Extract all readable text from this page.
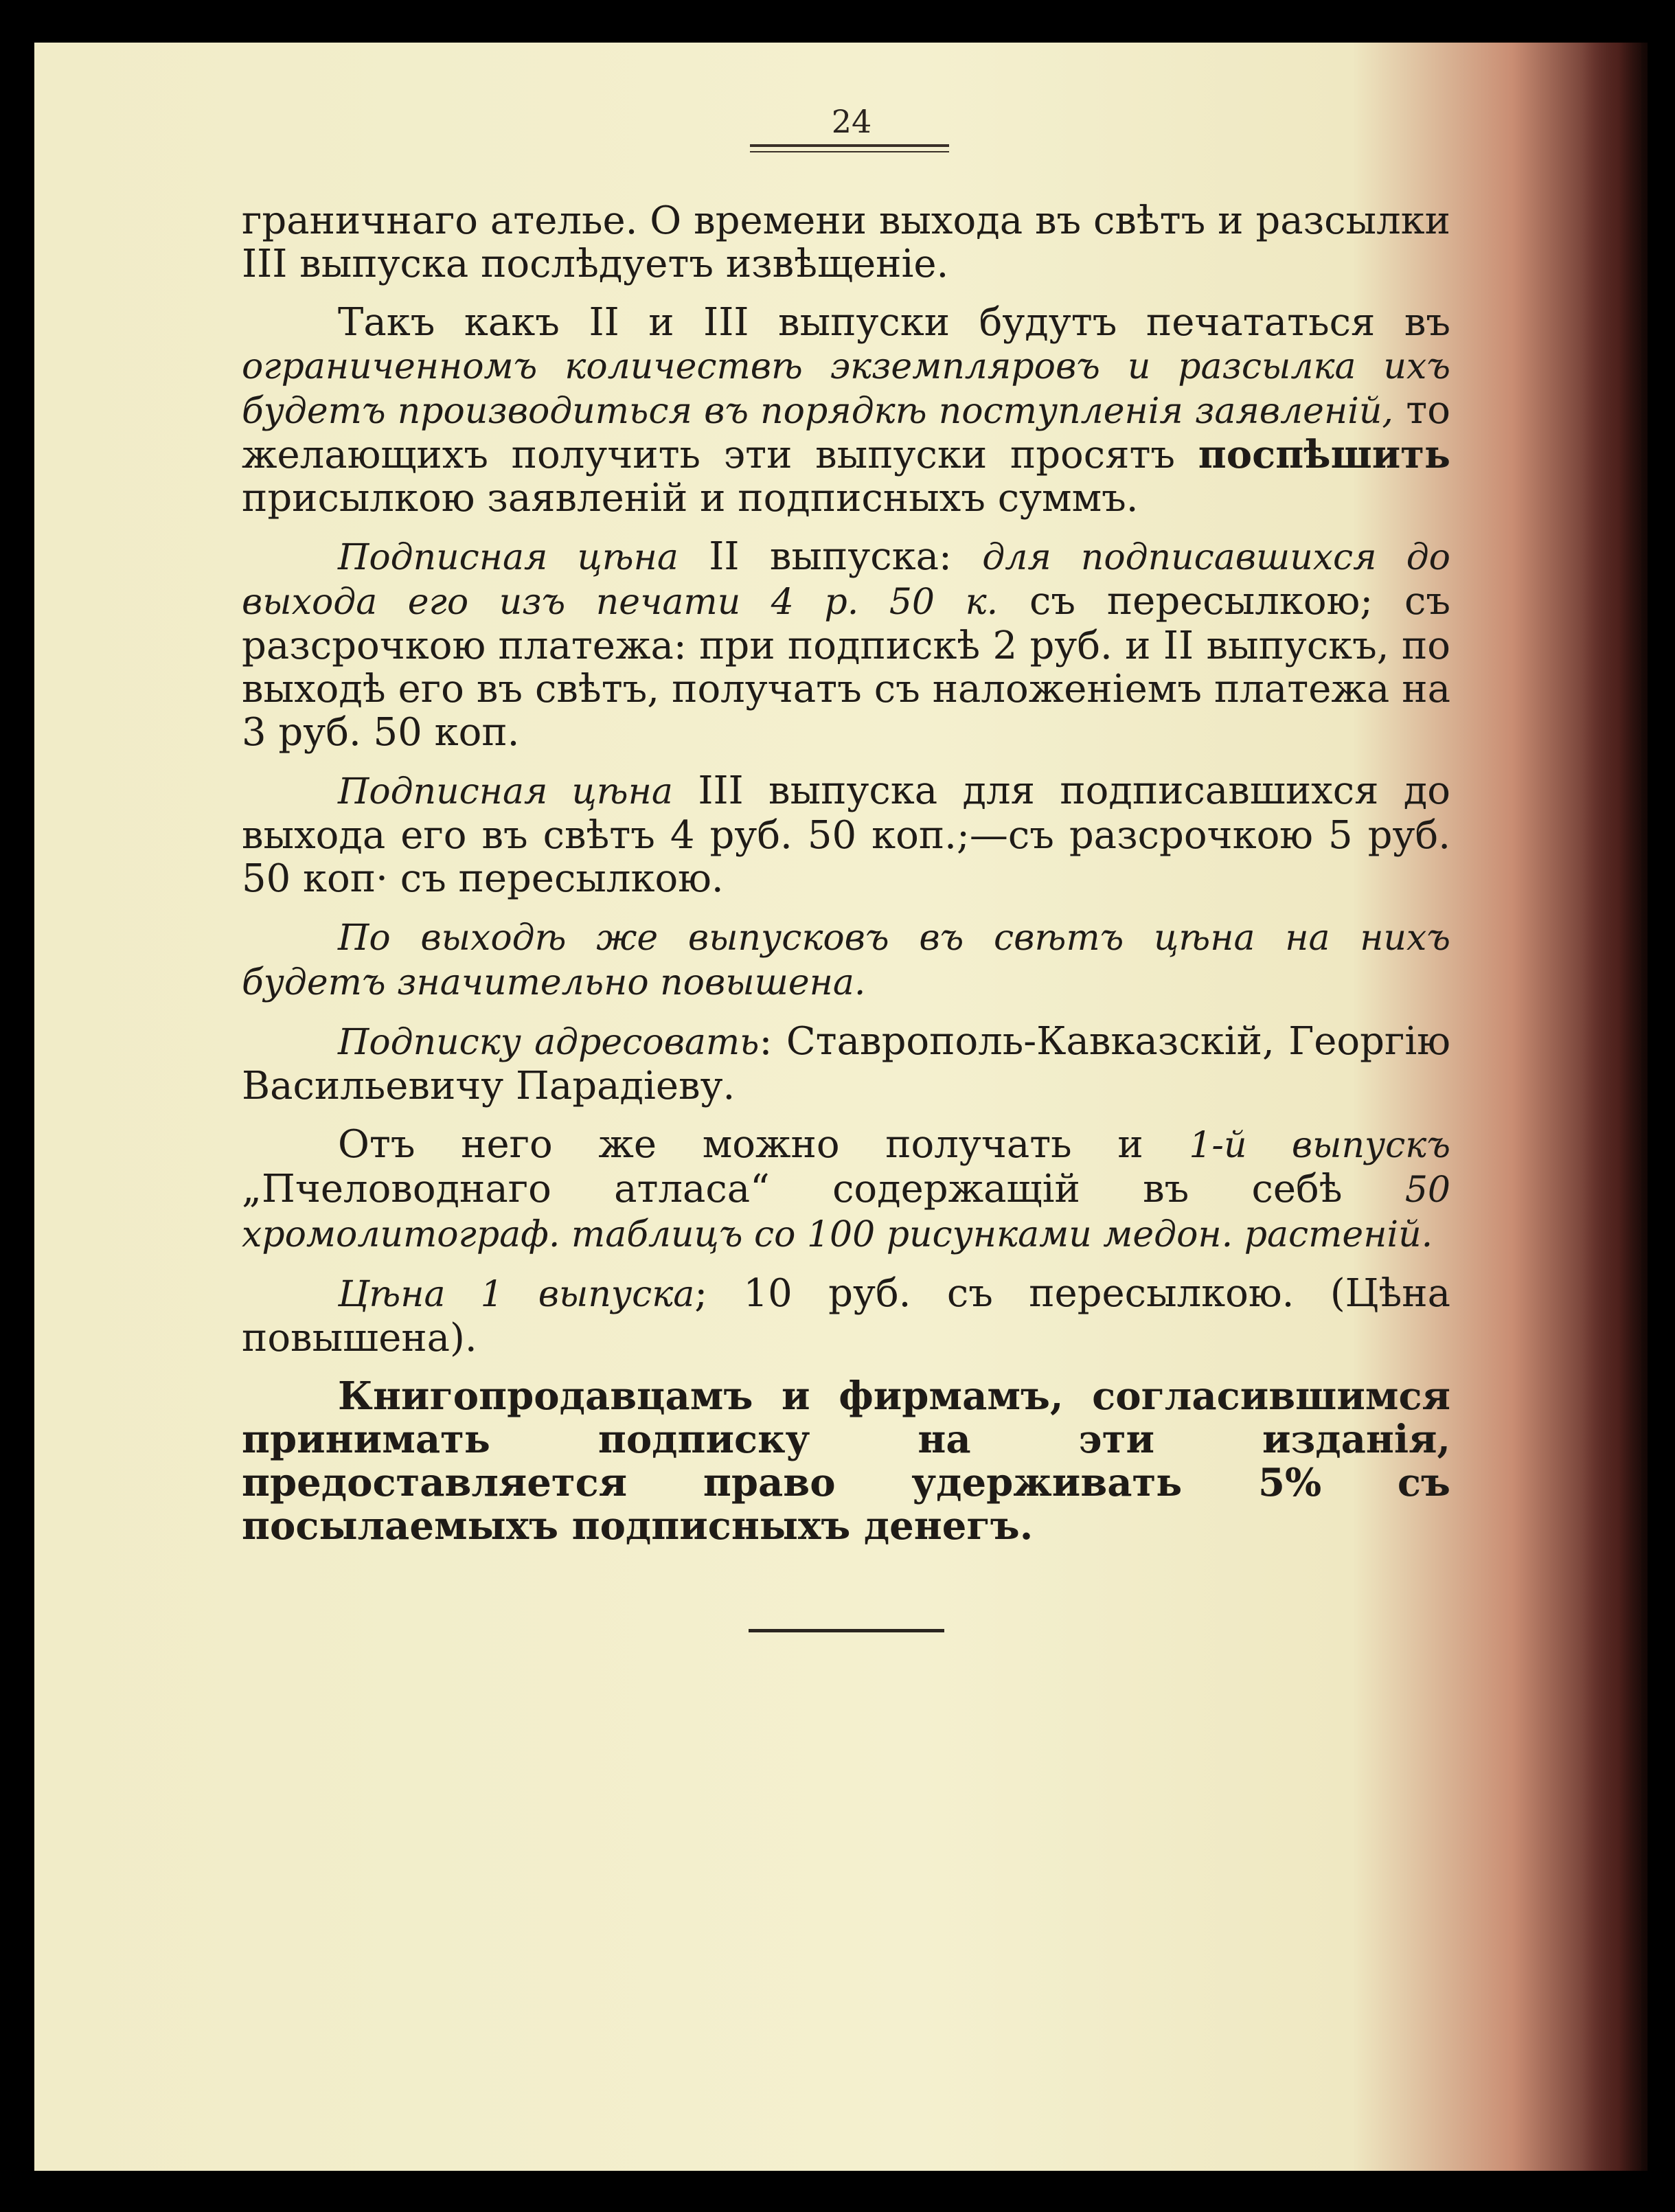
24

граничнаго ателье. О времени выхода въ свѣтъ и разсылки III выпуска послѣдуетъ извѣщеніе.

Такъ какъ II и III выпуски будутъ печататься въ ограниченномъ количествѣ экземпляровъ и разсылка ихъ будетъ производиться въ порядкѣ поступленія заявленій, то желающихъ получить эти выпуски просятъ поспѣшить присылкою заявленій и подписныхъ суммъ.

Подписная цѣна II выпуска: для подписавшихся до выхода его изъ печати 4 р. 50 к. съ пересылкою; съ разсрочкою платежа: при подпискѣ 2 руб. и II выпускъ, по выходѣ его въ свѣтъ, получатъ съ наложеніемъ платежа на 3 руб. 50 коп.

Подписная цѣна III выпуска для подписавшихся до выхода его въ свѣтъ 4 руб. 50 коп.;—съ разсрочкою 5 руб. 50 коп· съ пересылкою.

По выходѣ же выпусковъ въ свѣтъ цѣна на нихъ будетъ значительно повышена.

Подписку адресовать: Ставрополь-Кавказскій, Георгію Васильевичу Парадіеву.

Отъ него же можно получать и 1-й выпускъ „Пчеловоднаго атласа“ содержащій въ себѣ 50 хромолитограф. таблицъ со 100 рисунками медон. растеній.

Цѣна 1 выпуска; 10 руб. съ пересылкою. (Цѣна повышена).

Книгопродавцамъ и фирмамъ, согласившимся принимать подписку на эти изданія, предоставляется право удерживать 5% съ посылаемыхъ подписныхъ денегъ.
